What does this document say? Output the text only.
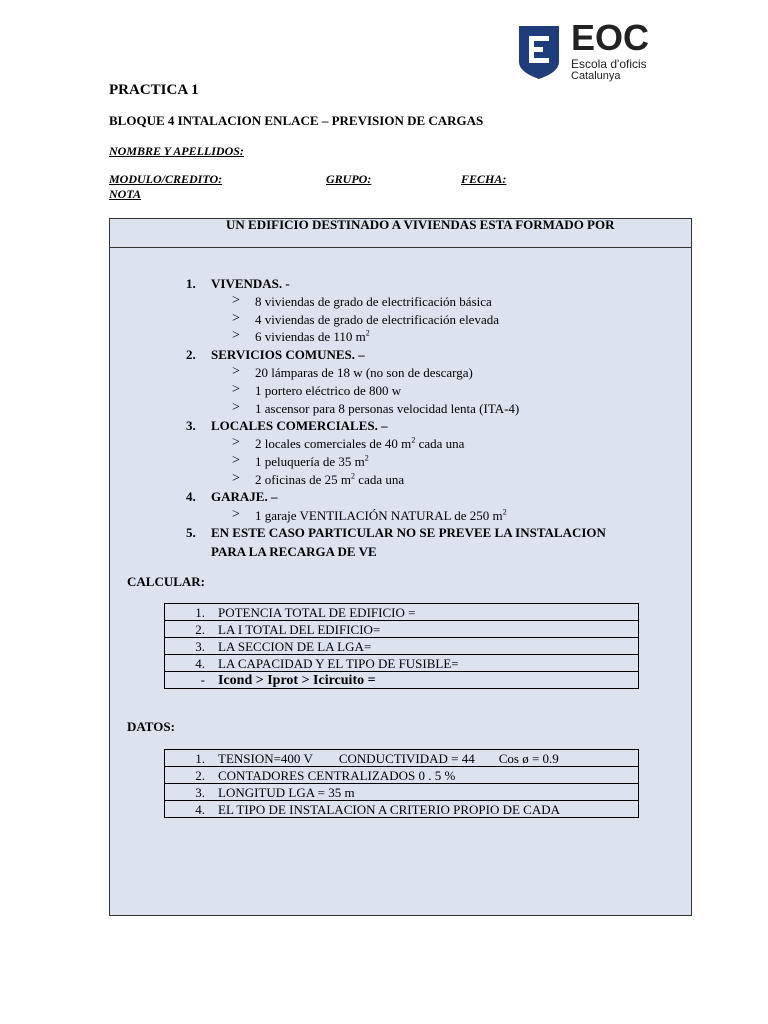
EOC
Escola d'oficis
Catalunya
PRACTICA 1
BLOQUE 4 INTALACION ENLACE – PREVISION DE CARGAS
NOMBRE Y APELLIDOS:
MODULO/CREDITO:	GRUPO:	FECHA:
NOTA
UN EDIFICIO DESTINADO A VIVIENDAS ESTA FORMADO POR
1. VIVENDAS. -
> 8 viviendas de grado de electrificación básica
> 4 viviendas de grado de electrificación elevada
> 6 viviendas de 110 $m^2$
2. SERVICIOS COMUNES. –
> 20 lámparas de 18 w (no son de descarga)
> 1 portero eléctrico de 800 w
> 1 ascensor para 8 personas velocidad lenta (ITA-4)
3. LOCALES COMERCIALES. –
> 2 locales comerciales de 40 $m^2$ cada una
> 1 peluquería de 35 $m^2$
> 2 oficinas de 25 $m^2$ cada una
4. GARAJE. –
> 1 garaje VENTILACIÓN NATURAL de 250 $m^2$
5. EN ESTE CASO PARTICULAR NO SE PREVEE LA INSTALACION
PARA LA RECARGA DE VE
CALCULAR:
1. POTENCIA TOTAL DE EDIFICIO =
2. LA I TOTAL DEL EDIFICIO=
3. LA SECCION DE LA LGA=
4. LA CAPACIDAD Y EL TIPO DE FUSIBLE=
- Icond > Iprot > Icircuito =
DATOS:
1. TENSION=400 V CONDUCTIVIDAD = 44 Cos ø = 0.9
2. CONTADORES CENTRALIZADOS 0 . 5 %
3. LONGITUD LGA = 35 m
4. EL TIPO DE INSTALACION A CRITERIO PROPIO DE CADA
